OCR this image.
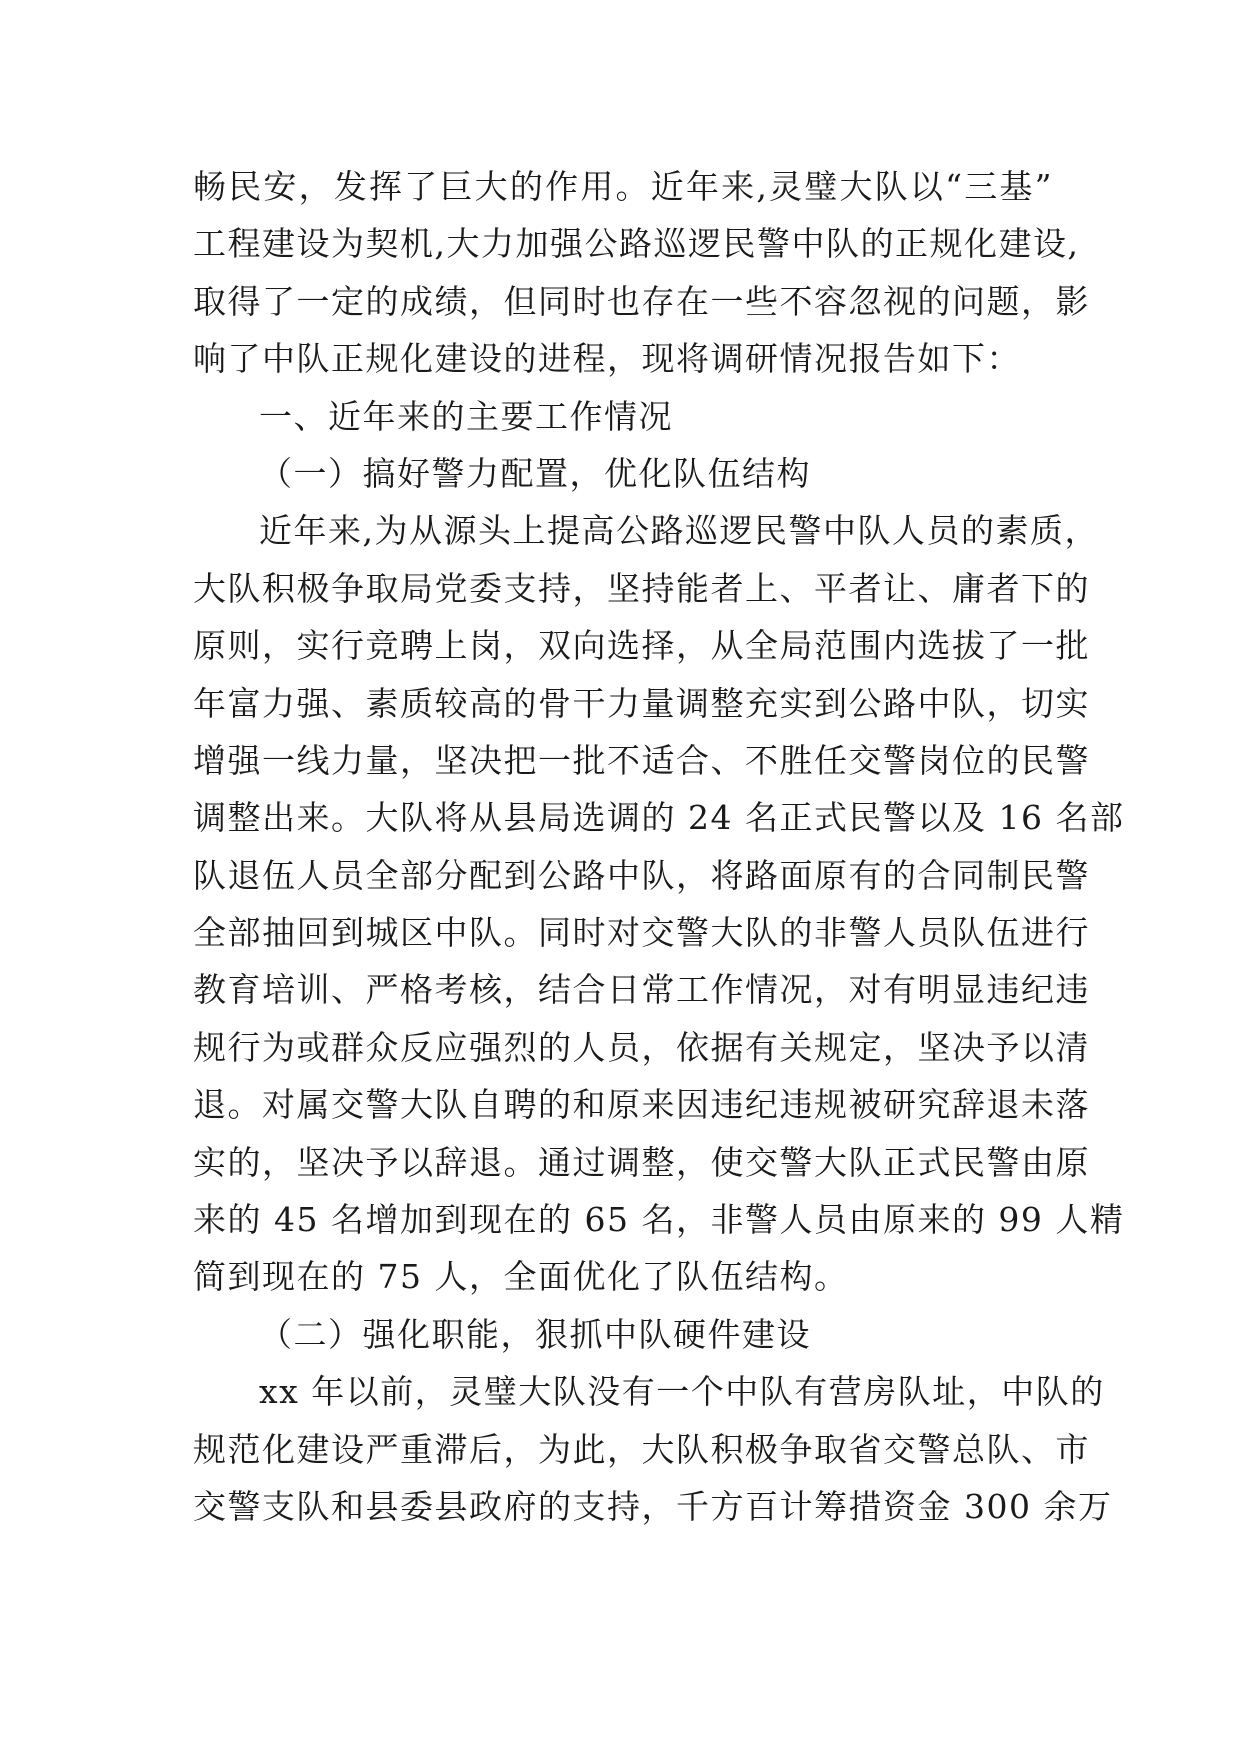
畅民安，发挥了巨大的作用。近年来,灵璧大队以“三基”
工程建设为契机,大力加强公路巡逻民警中队的正规化建设,
取得了一定的成绩，但同时也存在一些不容忽视的问题，影
响了中队正规化建设的进程，现将调研情况报告如下：
一、近年来的主要工作情况
（一）搞好警力配置，优化队伍结构
近年来,为从源头上提高公路巡逻民警中队人员的素质，
大队积极争取局党委支持，坚持能者上、平者让、庸者下的
原则，实行竞聘上岗，双向选择，从全局范围内选拔了一批
年富力强、素质较高的骨干力量调整充实到公路中队，切实
增强一线力量，坚决把一批不适合、不胜任交警岗位的民警
调整出来。大队将从县局选调的 24 名正式民警以及 16 名部
队退伍人员全部分配到公路中队，将路面原有的合同制民警
全部抽回到城区中队。同时对交警大队的非警人员队伍进行
教育培训、严格考核，结合日常工作情况，对有明显违纪违
规行为或群众反应强烈的人员，依据有关规定，坚决予以清
退。对属交警大队自聘的和原来因违纪违规被研究辞退未落
实的，坚决予以辞退。通过调整，使交警大队正式民警由原
来的 45 名增加到现在的 65 名，非警人员由原来的 99 人精
简到现在的 75 人，全面优化了队伍结构。
（二）强化职能，狠抓中队硬件建设
xx 年以前，灵璧大队没有一个中队有营房队址，中队的
规范化建设严重滞后，为此，大队积极争取省交警总队、市
交警支队和县委县政府的支持，千方百计筹措资金 300 余万
